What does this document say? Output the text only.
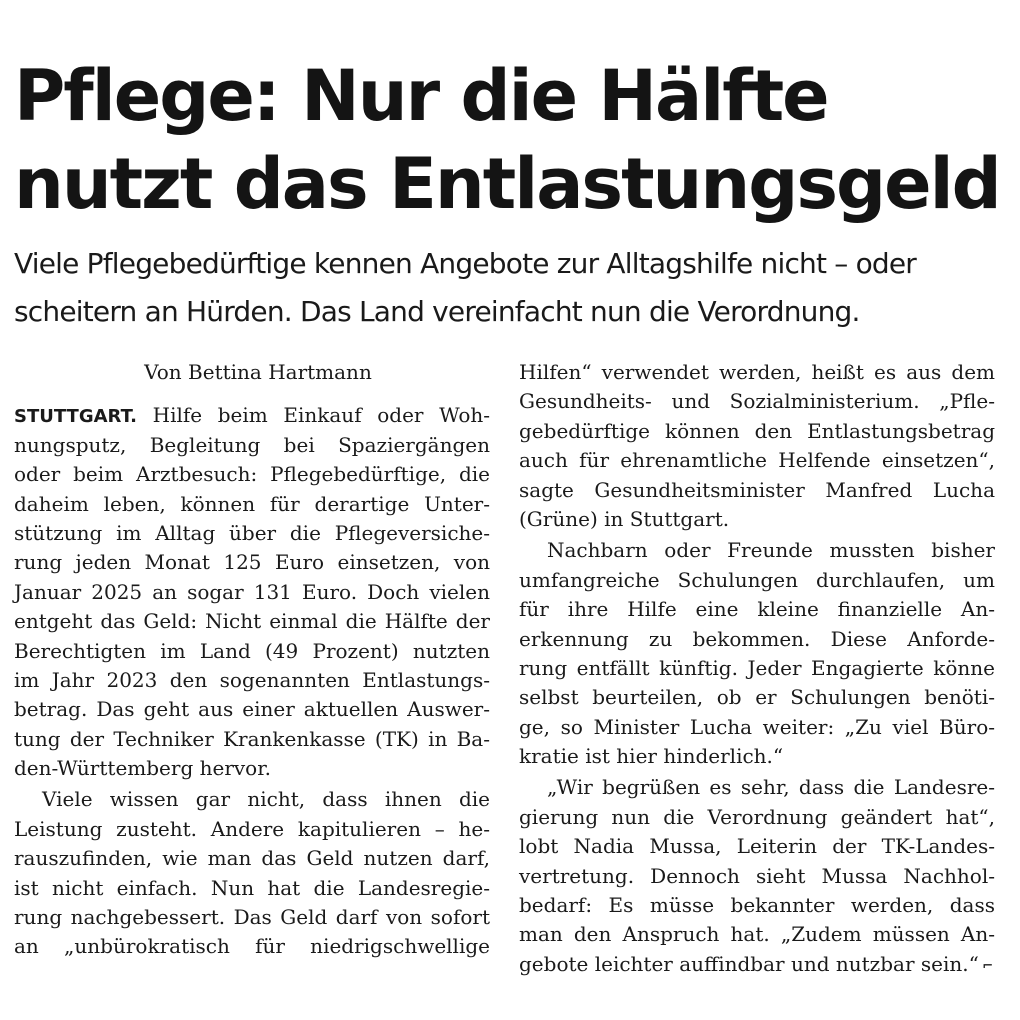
Pflege: Nur die Hälfte
nutzt das Entlastungsgeld

Viele Pflegebedürftige kennen Angebote zur Alltagshilfe nicht – oder
scheitern an Hürden. Das Land vereinfacht nun die Verordnung.

Von Bettina Hartmann
STUTTGART. Hilfe beim Einkauf oder Woh-
nungsputz, Begleitung bei Spaziergängen
oder beim Arztbesuch: Pflegebedürftige, die
daheim leben, können für derartige Unter-
stützung im Alltag über die Pflegeversiche-
rung jeden Monat 125 Euro einsetzen, von
Januar 2025 an sogar 131 Euro. Doch vielen
entgeht das Geld: Nicht einmal die Hälfte der
Berechtigten im Land (49 Prozent) nutzten
im Jahr 2023 den sogenannten Entlastungs-
betrag. Das geht aus einer aktuellen Auswer-
tung der Techniker Krankenkasse (TK) in Ba-
den-Württemberg hervor.
Viele wissen gar nicht, dass ihnen die
Leistung zusteht. Andere kapitulieren – he-
rauszufinden, wie man das Geld nutzen darf,
ist nicht einfach. Nun hat die Landesregie-
rung nachgebessert. Das Geld darf von sofort
an „unbürokratisch für niedrigschwellige
Hilfen“ verwendet werden, heißt es aus dem
Gesundheits- und Sozialministerium. „Pfle-
gebedürftige können den Entlastungsbetrag
auch für ehrenamtliche Helfende einsetzen“,
sagte Gesundheitsminister Manfred Lucha
(Grüne) in Stuttgart.
Nachbarn oder Freunde mussten bisher
umfangreiche Schulungen durchlaufen, um
für ihre Hilfe eine kleine finanzielle An-
erkennung zu bekommen. Diese Anforde-
rung entfällt künftig. Jeder Engagierte könne
selbst beurteilen, ob er Schulungen benöti-
ge, so Minister Lucha weiter: „Zu viel Büro-
kratie ist hier hinderlich.“
„Wir begrüßen es sehr, dass die Landesre-
gierung nun die Verordnung geändert hat“,
lobt Nadia Mussa, Leiterin der TK-Landes-
vertretung. Dennoch sieht Mussa Nachhol-
bedarf: Es müsse bekannter werden, dass
man den Anspruch hat. „Zudem müssen An-
gebote leichter auffindbar und nutzbar sein.“ ⌐
